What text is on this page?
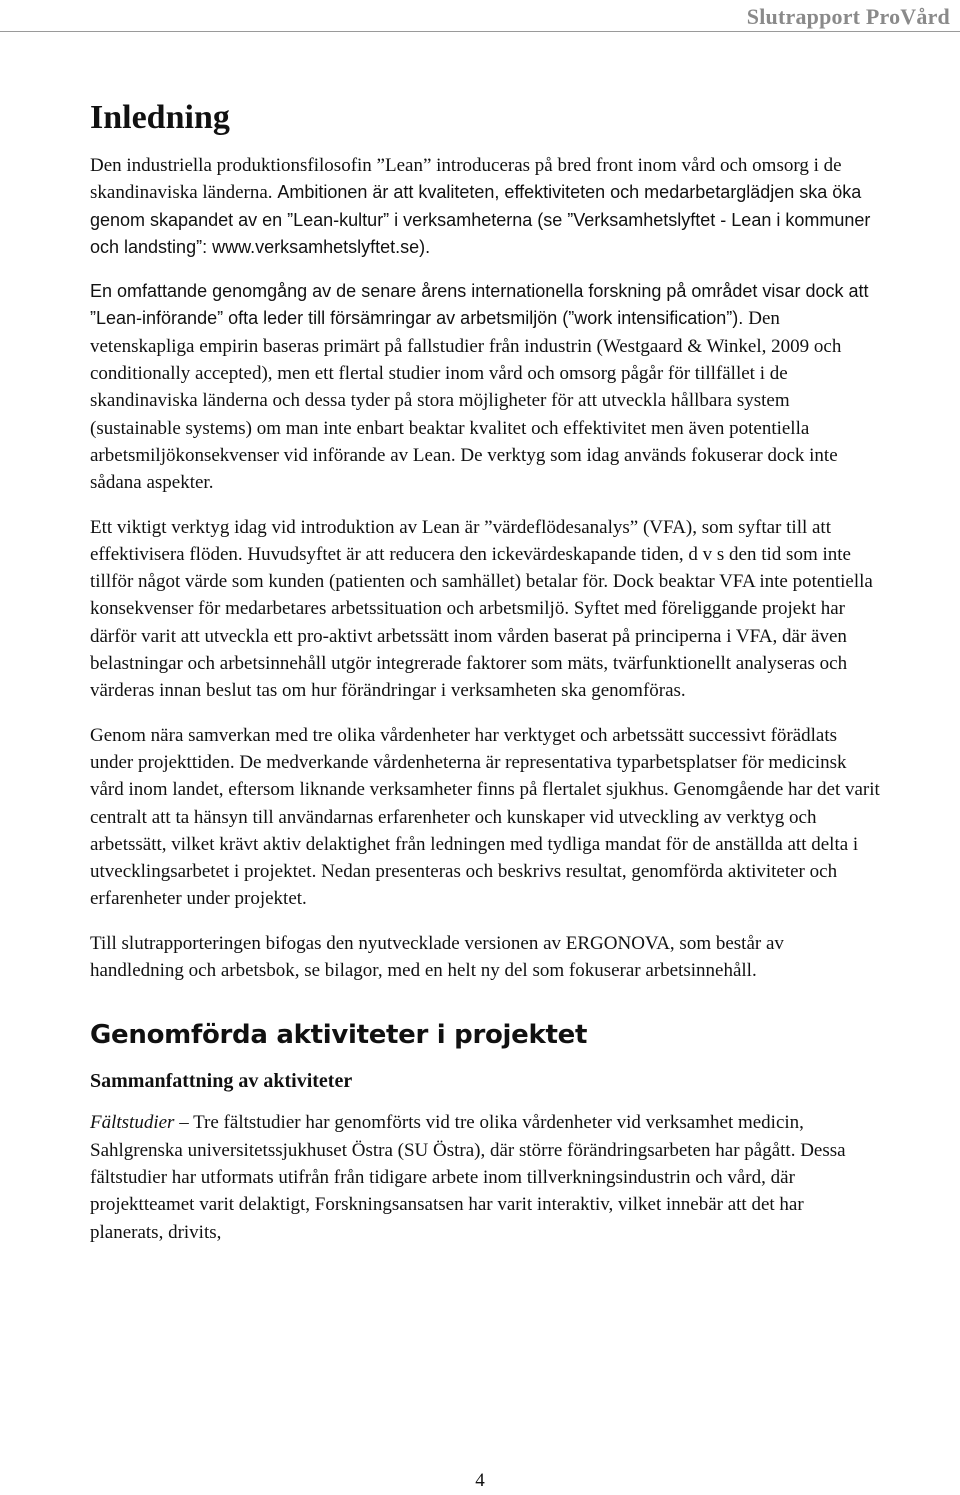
Slutrapport ProVård
Inledning

Den industriella produktionsfilosofin ”Lean” introduceras på bred front inom vård och omsorg i de skandinaviska länderna. Ambitionen är att kvaliteten, effektiviteten och medarbetarglädjen ska öka genom skapandet av en ”Lean-kultur” i verksamheterna (se ”Verksamhetslyftet - Lean i kommuner och landsting”: www.verksamhetslyftet.se).

En omfattande genomgång av de senare årens internationella forskning på området visar dock att ”Lean-införande” ofta leder till försämringar av arbetsmiljön (”work intensification”). Den vetenskapliga empirin baseras primärt på fallstudier från industrin (Westgaard & Winkel, 2009 och conditionally accepted), men ett flertal studier inom vård och omsorg pågår för tillfället i de skandinaviska länderna och dessa tyder på stora möjligheter för att utveckla hållbara system (sustainable systems) om man inte enbart beaktar kvalitet och effektivitet men även potentiella arbetsmiljökonsekvenser vid införande av Lean. De verktyg som idag används fokuserar dock inte sådana aspekter.

Ett viktigt verktyg idag vid introduktion av Lean är ”värdeflödesanalys” (VFA), som syftar till att effektivisera flöden. Huvudsyftet är att reducera den ickevärdeskapande tiden, d v s den tid som inte tillför något värde som kunden (patienten och samhället) betalar för. Dock beaktar VFA inte potentiella konsekvenser för medarbetares arbetssituation och arbetsmiljö. Syftet med föreliggande projekt har därför varit att utveckla ett pro-aktivt arbetssätt inom vården baserat på principerna i VFA, där även belastningar och arbetsinnehåll utgör integrerade faktorer som mäts, tvärfunktionellt analyseras och värderas innan beslut tas om hur förändringar i verksamheten ska genomföras.

Genom nära samverkan med tre olika vårdenheter har verktyget och arbetssätt successivt förädlats under projekttiden. De medverkande vårdenheterna är representativa typarbetsplatser för medicinsk vård inom landet, eftersom liknande verksamheter finns på flertalet sjukhus. Genomgående har det varit centralt att ta hänsyn till användarnas erfarenheter och kunskaper vid utveckling av verktyg och arbetssätt, vilket krävt aktiv delaktighet från ledningen med tydliga mandat för de anställda att delta i utvecklingsarbetet i projektet. Nedan presenteras och beskrivs resultat, genomförda aktiviteter och erfarenheter under projektet.

Till slutrapporteringen bifogas den nyutvecklade versionen av ERGONOVA, som består av handledning och arbetsbok, se bilagor, med en helt ny del som fokuserar arbetsinnehåll.

Genomförda aktiviteter i projektet
Sammanfattning av aktiviteter

Fältstudier – Tre fältstudier har genomförts vid tre olika vårdenheter vid verksamhet medicin, Sahlgrenska universitetssjukhuset Östra (SU Östra), där större förändringsarbeten har pågått. Dessa fältstudier har utformats utifrån från tidigare arbete inom tillverkningsindustrin och vård, där projektteamet varit delaktigt, Forskningsansatsen har varit interaktiv, vilket innebär att det har planerats, drivits,

4
